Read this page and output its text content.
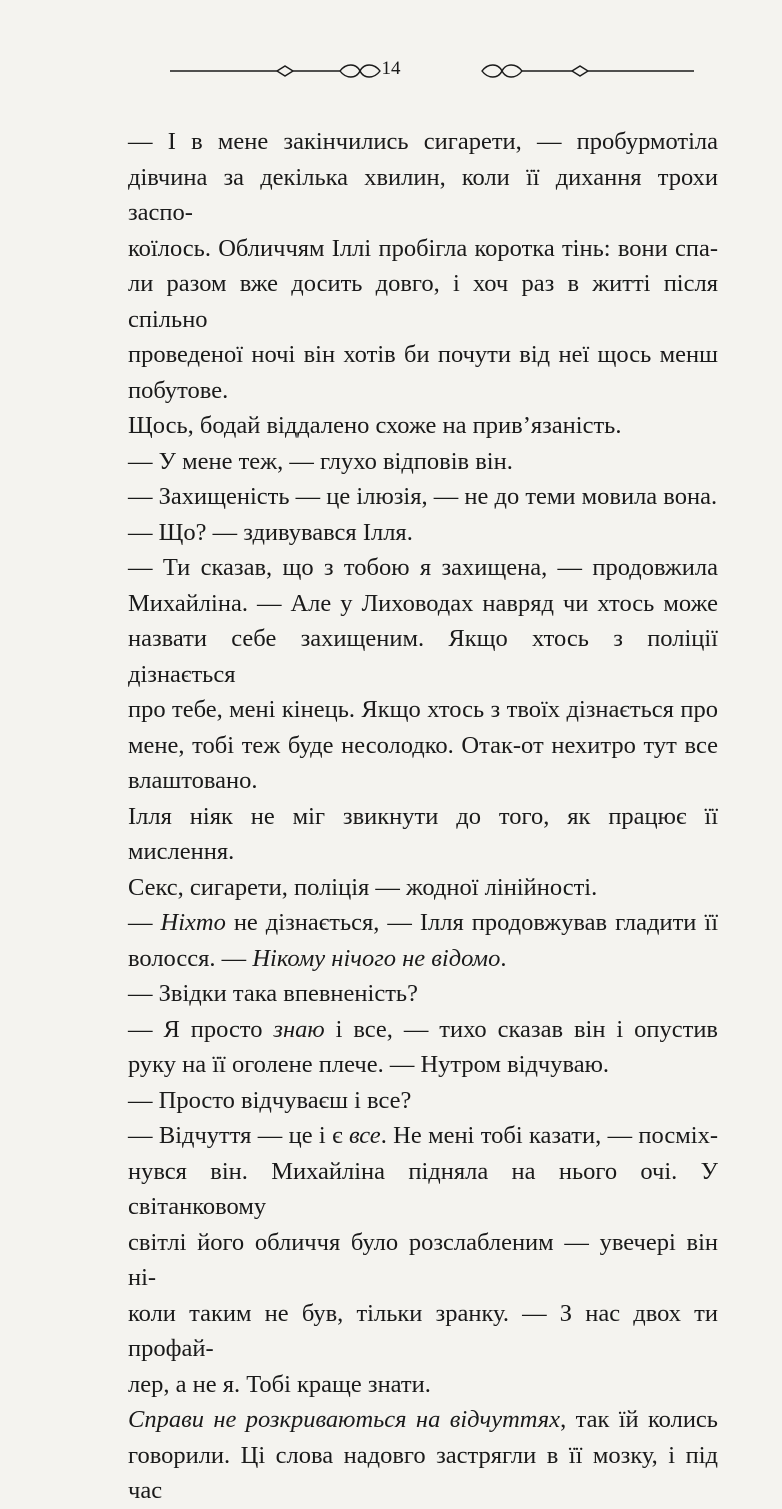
14
— І в мене закінчились сигарети, — пробурмотіла
дівчина за декілька хвилин, коли її дихання трохи заспо-
коїлось. Обличчям Іллі пробігла коротка тінь: вони спа-
ли разом вже досить довго, і хоч раз в житті після спільно
проведеної ночі він хотів би почути від неї щось менш
побутове.
Щось, бодай віддалено схоже на прив’язаність.
— У мене теж, — глухо відповів він.
— Захищеність — це ілюзія, — не до теми мовила вона.
— Що? — здивувався Ілля.
— Ти сказав, що з тобою я захищена, — продовжила
Михайліна. — Але у Лиховодах навряд чи хтось може
назвати себе захищеним. Якщо хтось з поліції дізнається
про тебе, мені кінець. Якщо хтось з твоїх дізнається про
мене, тобі теж буде несолодко. Отак-от нехитро тут все
влаштовано.
Ілля ніяк не міг звикнути до того, як працює її мислення.
Секс, сигарети, поліція — жодної лінійності.
— Ніхто не дізнається, — Ілля продовжував гладити її
волосся. — Нікому нічого не відомо.
— Звідки така впевненість?
— Я просто знаю і все, — тихо сказав він і опустив
руку на її оголене плече. — Нутром відчуваю.
— Просто відчуваєш і все?
— Відчуття — це і є все. Не мені тобі казати, — посміх-
нувся він. Михайліна підняла на нього очі. У світанковому
світлі його обличчя було розслабленим — увечері він ні-
коли таким не був, тільки зранку. — З нас двох ти профай-
лер, а не я. Тобі краще знати.
Справи не розкриваються на відчуттях, так їй колись
говорили. Ці слова надовго застрягли в її мозку, і під час
